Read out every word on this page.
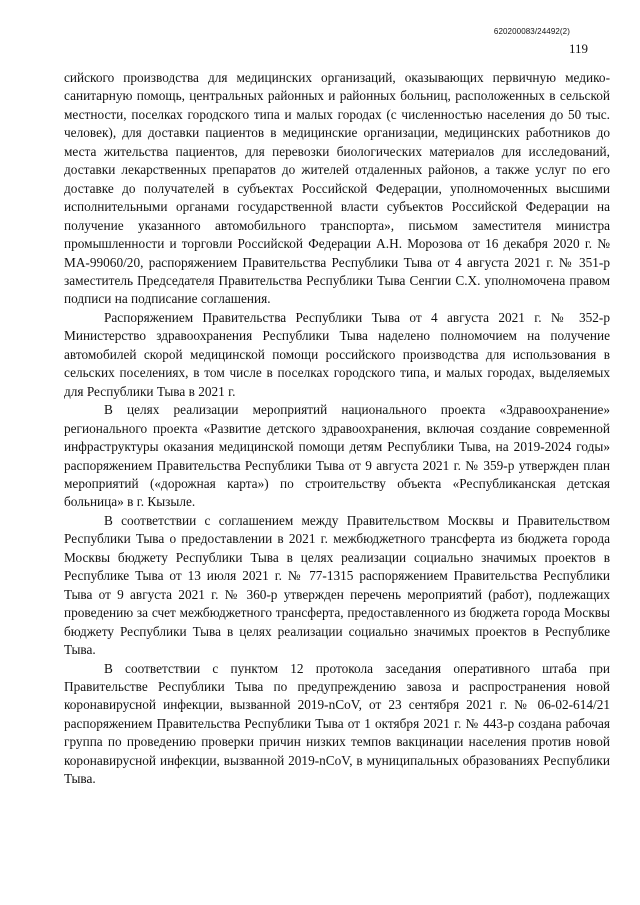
620200083/24492(2)
119

сийского производства для медицинских организаций, оказывающих первичную медико-санитарную помощь, центральных районных и районных больниц, расположенных в сельской местности, поселках городского типа и малых городах (с численностью населения до 50 тыс. человек), для доставки пациентов в медицинские организации, медицинских работников до места жительства пациентов, для перевозки биологических материалов для исследований, доставки лекарственных препаратов до жителей отдаленных районов, а также услуг по его доставке до получателей в субъектах Российской Федерации, уполномоченных высшими исполнительными органами государственной власти субъектов Российской Федерации на получение указанного автомобильного транспорта», письмом заместителя министра промышленности и торговли Российской Федерации А.Н. Морозова от 16 декабря 2020 г. № МА-99060/20, распоряжением Правительства Республики Тыва от 4 августа 2021 г. № 351-р заместитель Председателя Правительства Республики Тыва Сенгии С.Х. уполномочена правом подписи на подписание соглашения.

Распоряжением Правительства Республики Тыва от 4 августа 2021 г. № 352-р Министерство здравоохранения Республики Тыва наделено полномочием на получение автомобилей скорой медицинской помощи российского производства для использования в сельских поселениях, в том числе в поселках городского типа, и малых городах, выделяемых для Республики Тыва в 2021 г.

В целях реализации мероприятий национального проекта «Здравоохранение» регионального проекта «Развитие детского здравоохранения, включая создание современной инфраструктуры оказания медицинской помощи детям Республики Тыва, на 2019-2024 годы» распоряжением Правительства Республики Тыва от 9 августа 2021 г. № 359-р утвержден план мероприятий («дорожная карта») по строительству объекта «Республиканская детская больница» в г. Кызыле.

В соответствии с соглашением между Правительством Москвы и Правительством Республики Тыва о предоставлении в 2021 г. межбюджетного трансферта из бюджета города Москвы бюджету Республики Тыва в целях реализации социально значимых проектов в Республике Тыва от 13 июля 2021 г. № 77-1315 распоряжением Правительства Республики Тыва от 9 августа 2021 г. № 360-р утвержден перечень мероприятий (работ), подлежащих проведению за счет межбюджетного трансферта, предоставленного из бюджета города Москвы бюджету Республики Тыва в целях реализации социально значимых проектов в Республике Тыва.

В соответствии с пунктом 12 протокола заседания оперативного штаба при Правительстве Республики Тыва по предупреждению завоза и распространения новой коронавирусной инфекции, вызванной 2019-nCoV, от 23 сентября 2021 г. № 06-02-614/21 распоряжением Правительства Республики Тыва от 1 октября 2021 г. № 443-р создана рабочая группа по проведению проверки причин низких темпов вакцинации населения против новой коронавирусной инфекции, вызванной 2019-nCoV, в муниципальных образованиях Республики Тыва.
